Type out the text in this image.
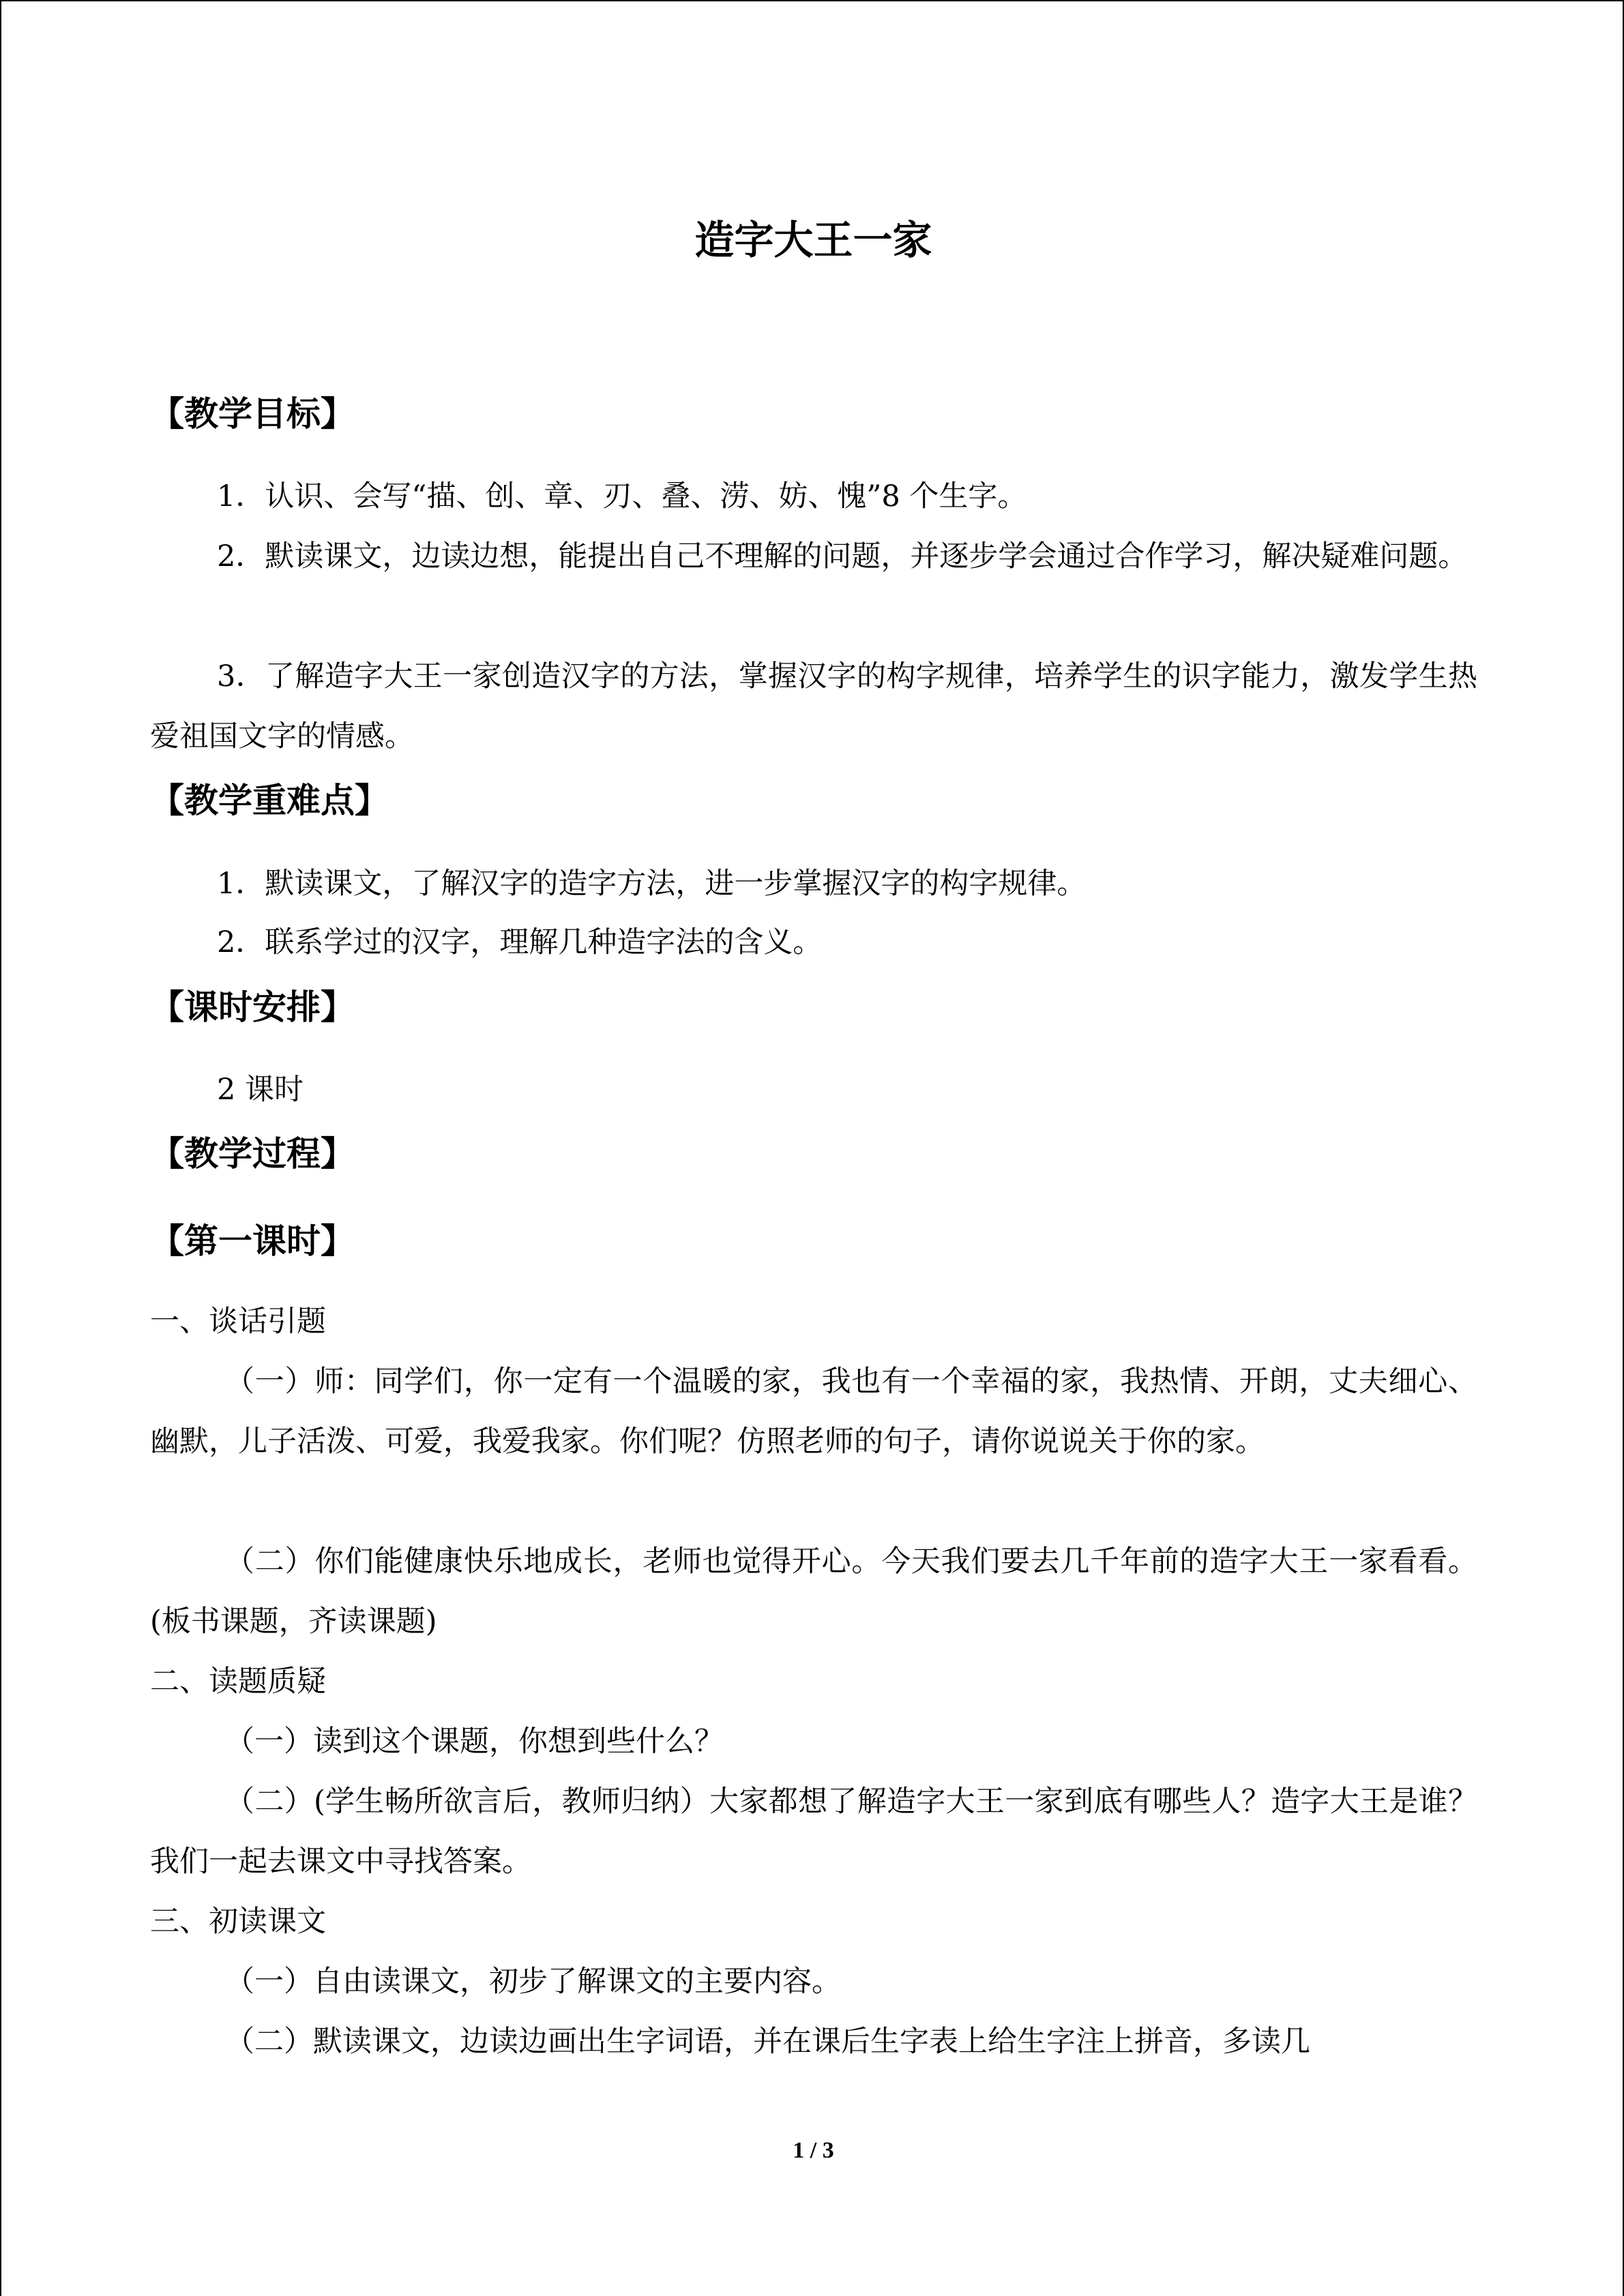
造字大王一家
【教学目标】

1．认识、会写“描、创、章、刃、叠、涝、妨、愧”8 个生字。

2．默读课文，边读边想，能提出自己不理解的问题，并逐步学会通过合作学习，解决疑难问题。

3．了解造字大王一家创造汉字的方法，掌握汉字的构字规律，培养学生的识字能力，激发学生热爱祖国文字的情感。

【教学重难点】

1．默读课文，了解汉字的造字方法，进一步掌握汉字的构字规律。

2．联系学过的汉字，理解几种造字法的含义。

【课时安排】

2 课时

【教学过程】
【第一课时】

一、谈话引题

（一）师：同学们，你一定有一个温暖的家，我也有一个幸福的家，我热情、开朗，丈夫细心、幽默，儿子活泼、可爱，我爱我家。你们呢？仿照老师的句子，请你说说关于你的家。

（二）你们能健康快乐地成长，老师也觉得开心。今天我们要去几千年前的造字大王一家看看。(板书课题，齐读课题)

二、读题质疑

（一）读到这个课题，你想到些什么？

（二）(学生畅所欲言后，教师归纳）大家都想了解造字大王一家到底有哪些人？造字大王是谁？我们一起去课文中寻找答案。

三、初读课文

（一）自由读课文，初步了解课文的主要内容。

（二）默读课文，边读边画出生字词语，并在课后生字表上给生字注上拼音，多读几

1 / 3
